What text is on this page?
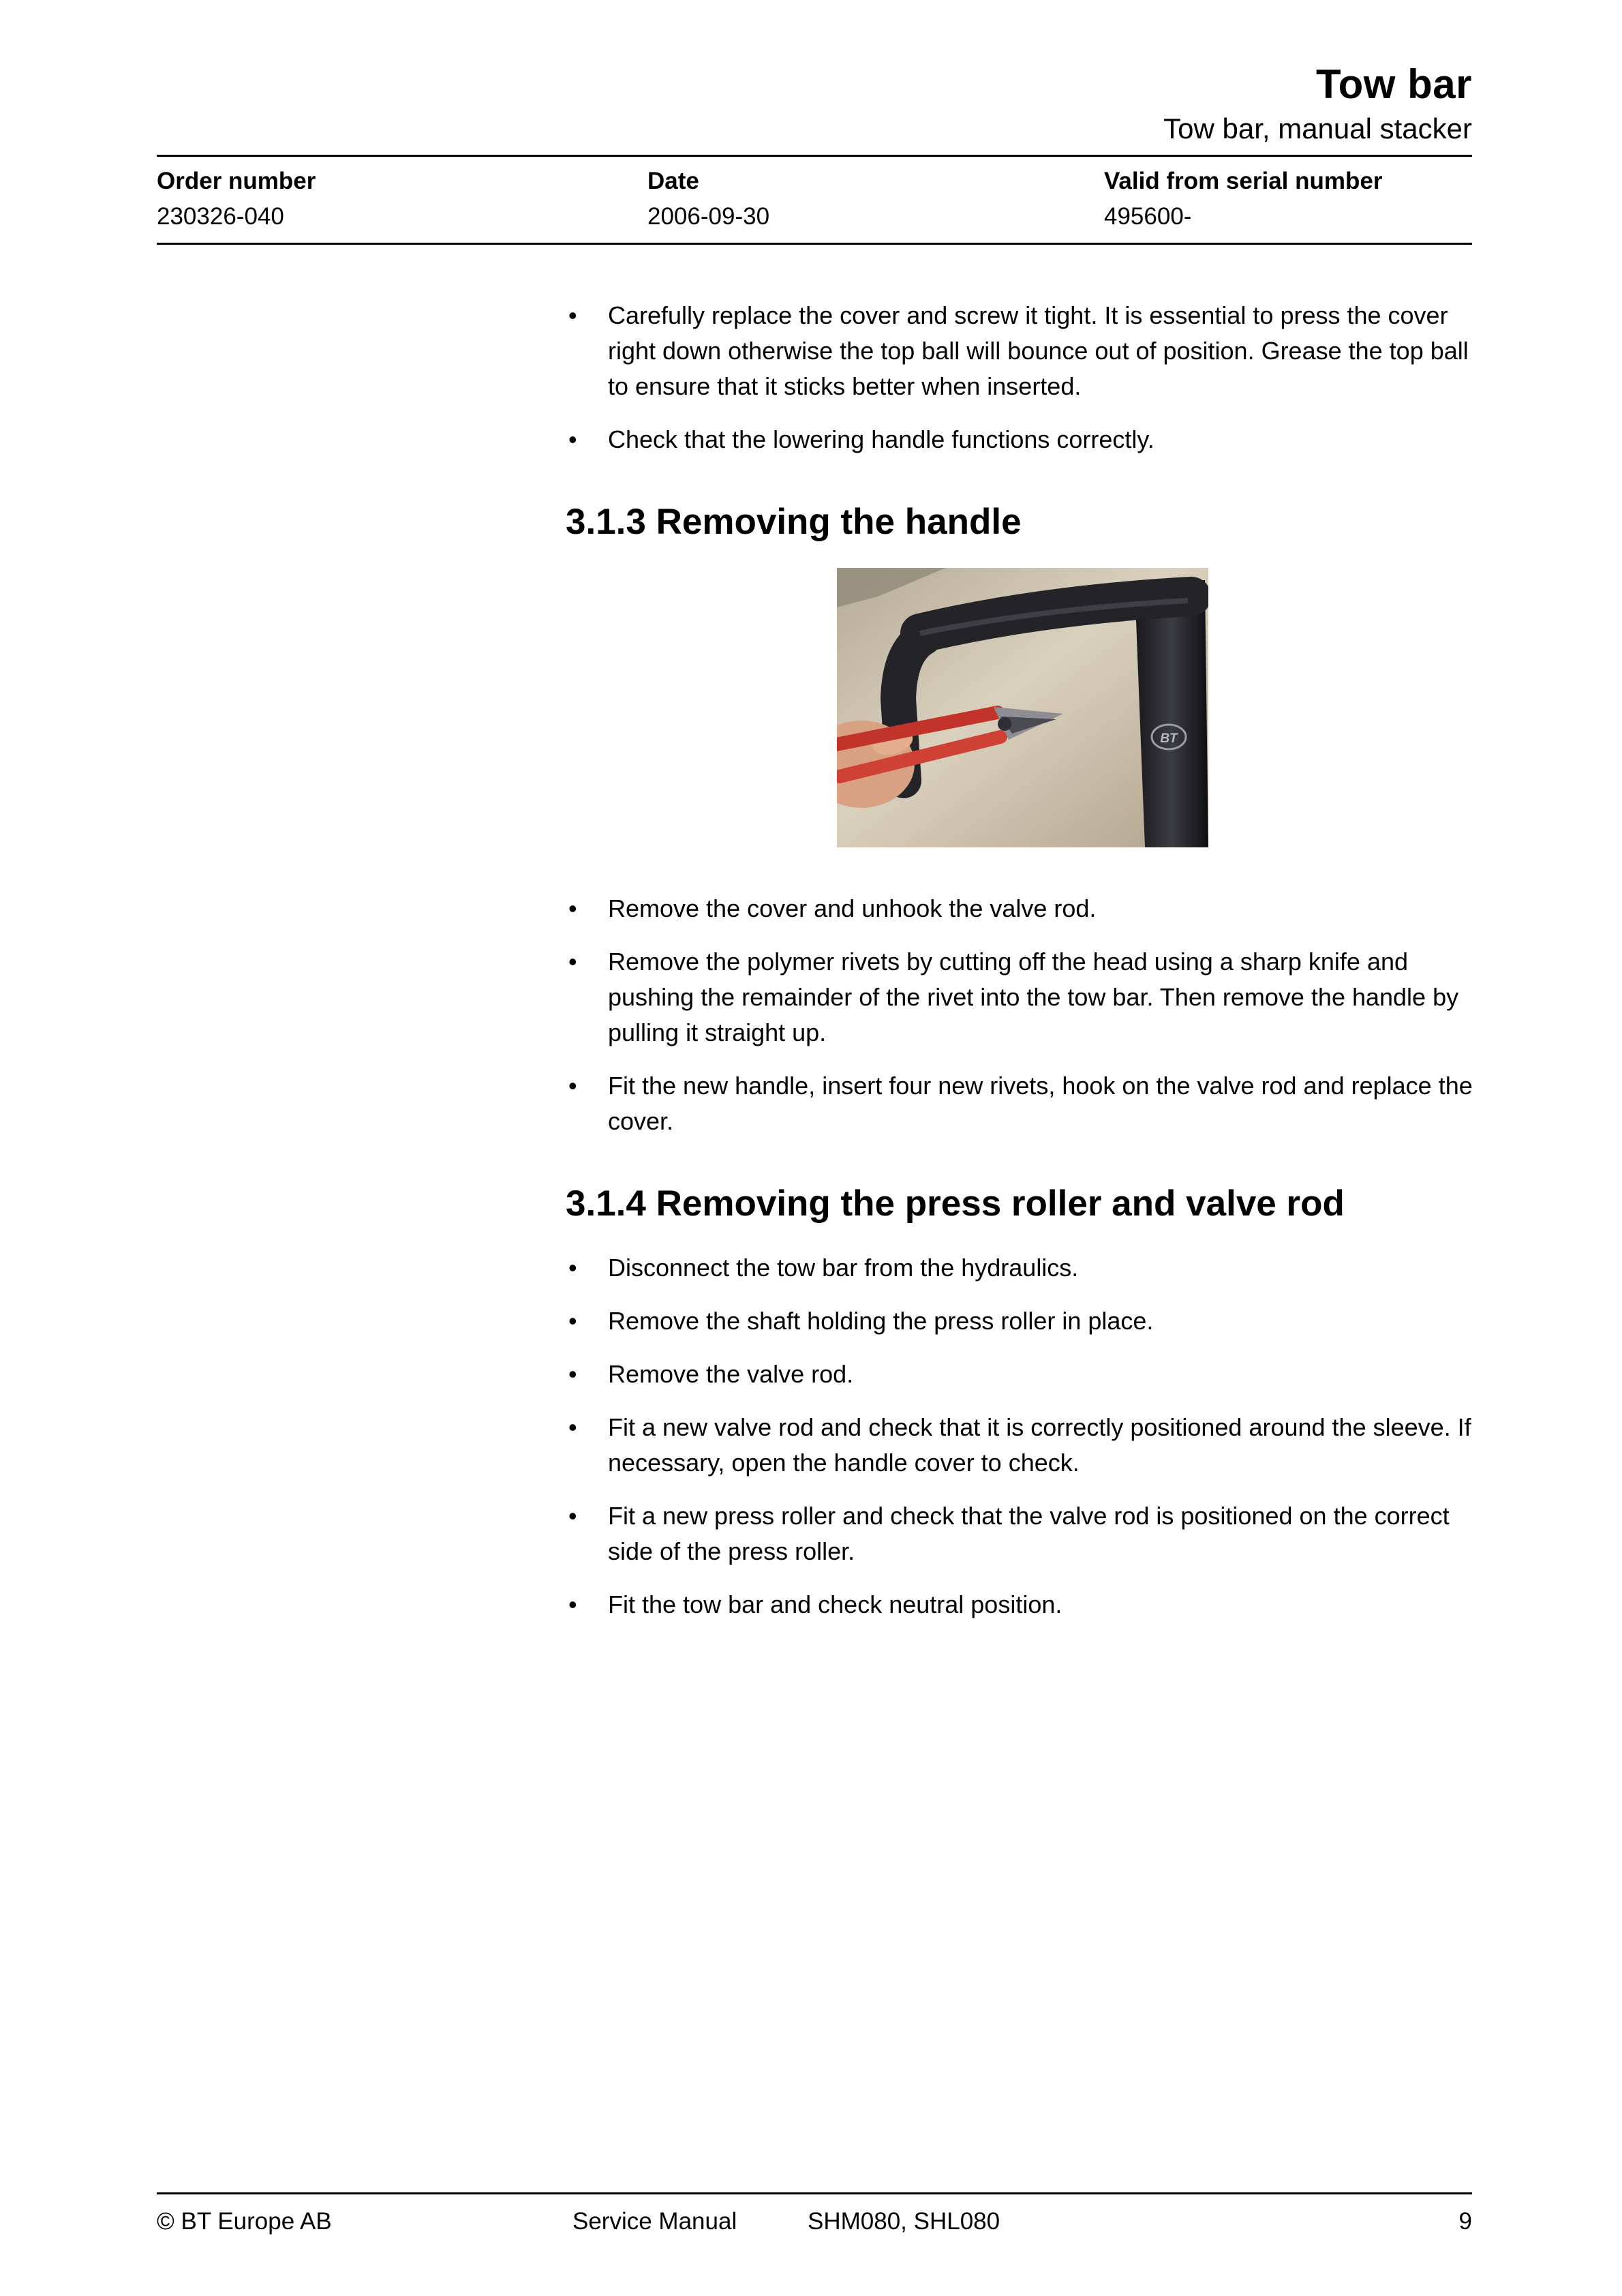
Tow bar
Tow bar, manual stacker
Order number
230326-040
Date
2006-09-30
Valid from serial number
495600-
• Carefully replace the cover and screw it tight. It is essential to press the cover right down otherwise the top ball will bounce out of position. Grease the top ball to ensure that it sticks better when inserted.
• Check that the lowering handle functions correctly.
3.1.3 Removing the handle
BT
• Remove the cover and unhook the valve rod.
• Remove the polymer rivets by cutting off the head using a sharp knife and pushing the remainder of the rivet into the tow bar. Then remove the handle by pulling it straight up.
• Fit the new handle, insert four new rivets, hook on the valve rod and replace the cover.
3.1.4 Removing the press roller and valve rod
• Disconnect the tow bar from the hydraulics.
• Remove the shaft holding the press roller in place.
• Remove the valve rod.
• Fit a new valve rod and check that it is correctly positioned around the sleeve. If necessary, open the handle cover to check.
• Fit a new press roller and check that the valve rod is positioned on the correct side of the press roller.
• Fit the tow bar and check neutral position.
© BT Europe AB	Service Manual	SHM080, SHL080	9
